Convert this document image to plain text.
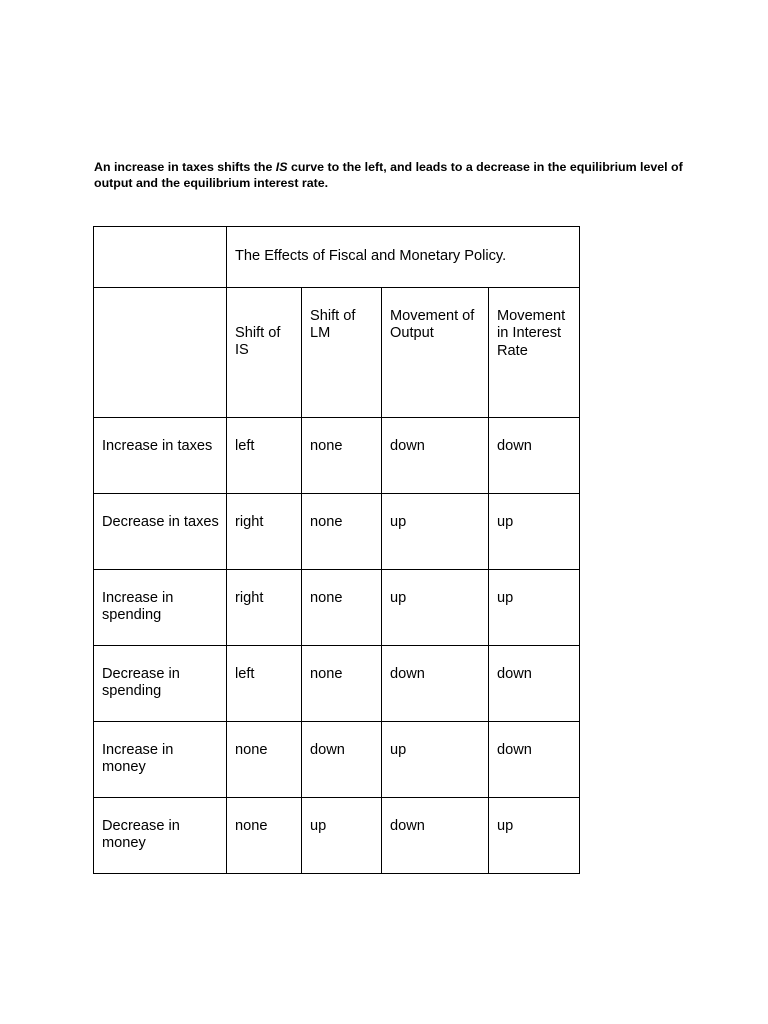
An increase in taxes shifts the IS curve to the left, and leads to a decrease in the equilibrium level of output and the equilibrium interest rate.

	The Effects of Fiscal and Monetary Policy.			
	Shift of IS	Shift of LM	Movement of Output	Movement in Interest Rate
Increase in taxes	left	none	down	down
Decrease in taxes	right	none	up	up
Increase in spending	right	none	up	up
Decrease in spending	left	none	down	down
Increase in money	none	down	up	down
Decrease in money	none	up	down	up
